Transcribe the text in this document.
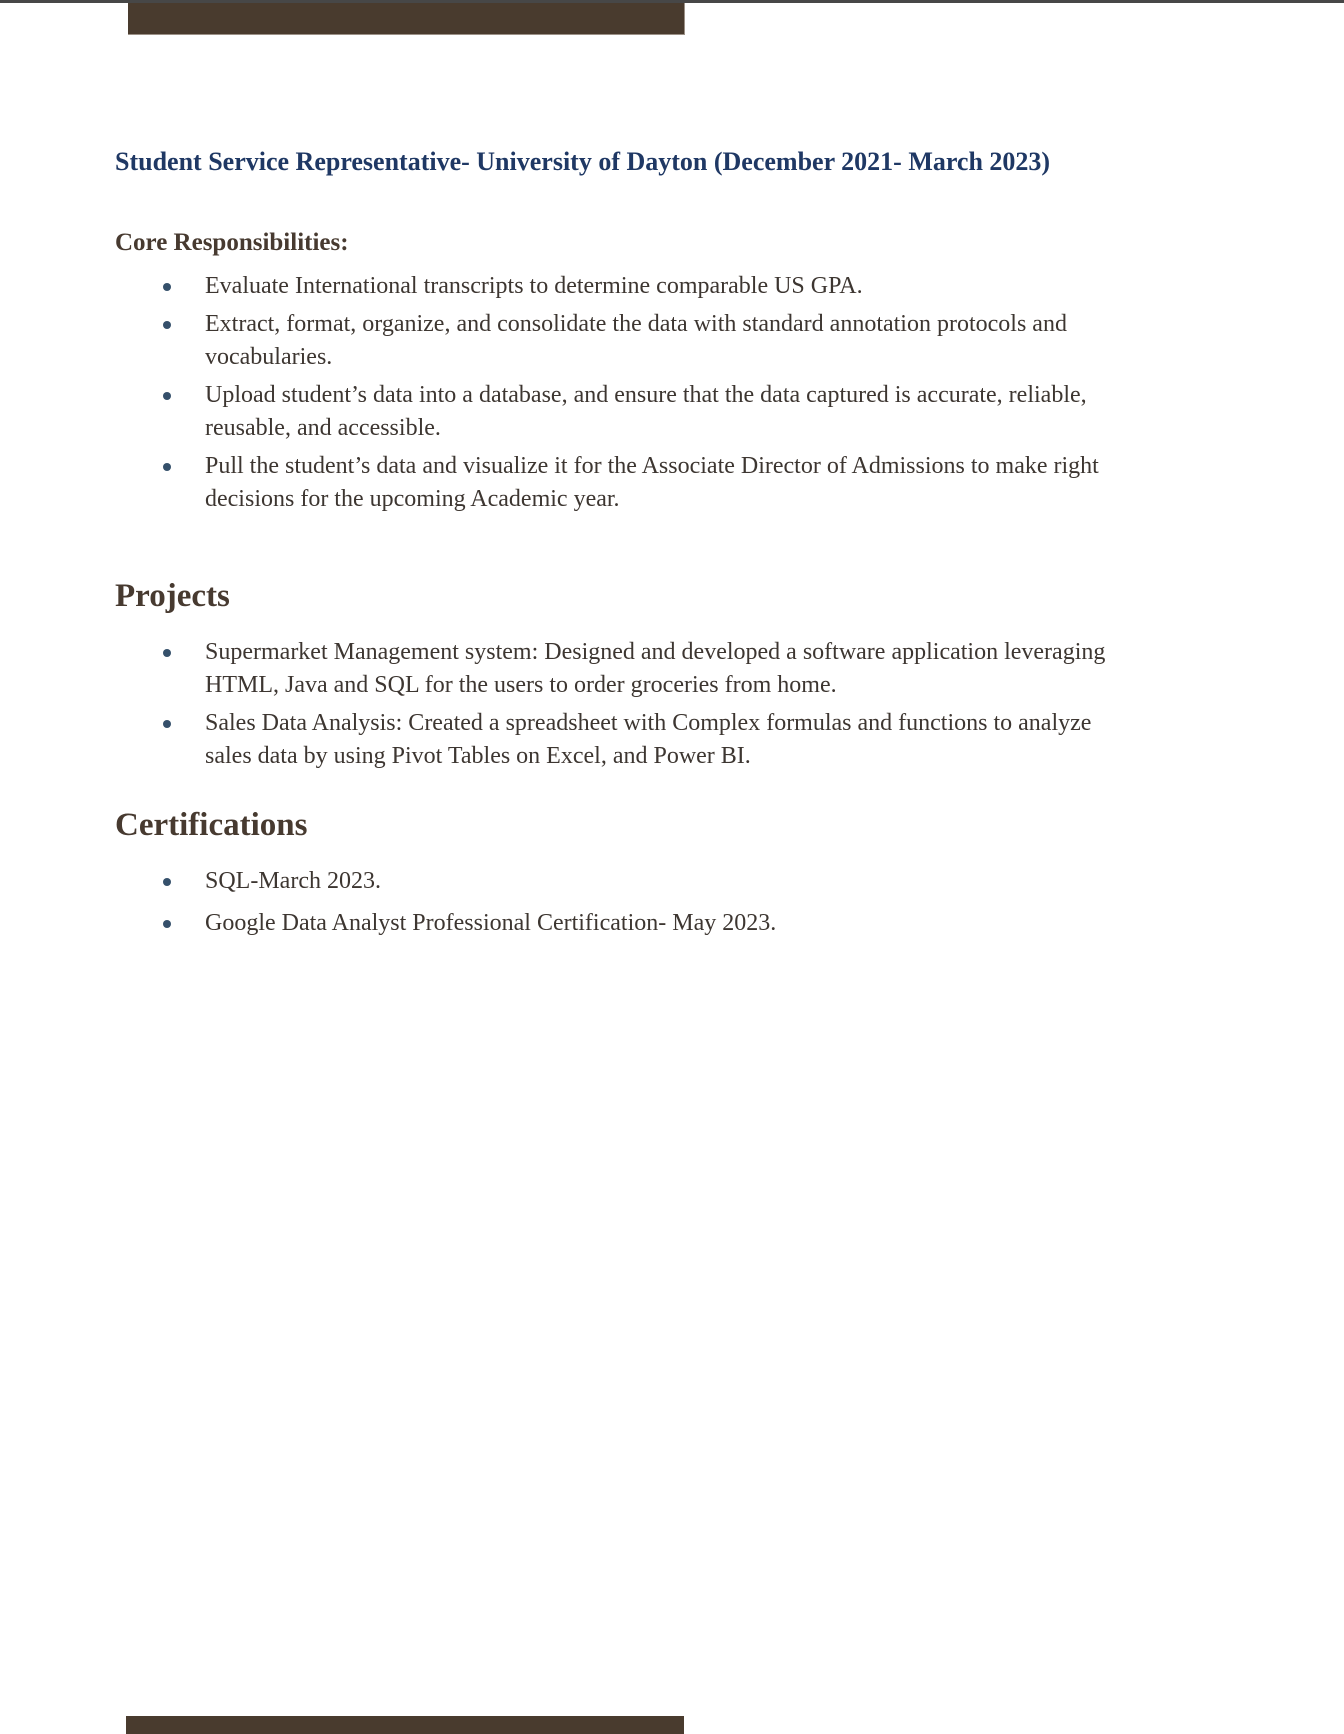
Student Service Representative- University of Dayton (December 2021- March 2023)
Core Responsibilities:
Evaluate International transcripts to determine comparable US GPA.
Extract, format, organize, and consolidate the data with standard annotation protocols and vocabularies.
Upload student’s data into a database, and ensure that the data captured is accurate, reliable, reusable, and accessible.
Pull the student’s data and visualize it for the Associate Director of Admissions to make right decisions for the upcoming Academic year.
Projects
Supermarket Management system: Designed and developed a software application leveraging HTML, Java and SQL for the users to order groceries from home.
Sales Data Analysis: Created a spreadsheet with Complex formulas and functions to analyze sales data by using Pivot Tables on Excel, and Power BI.
Certifications
SQL-March 2023.
Google Data Analyst Professional Certification- May 2023.
